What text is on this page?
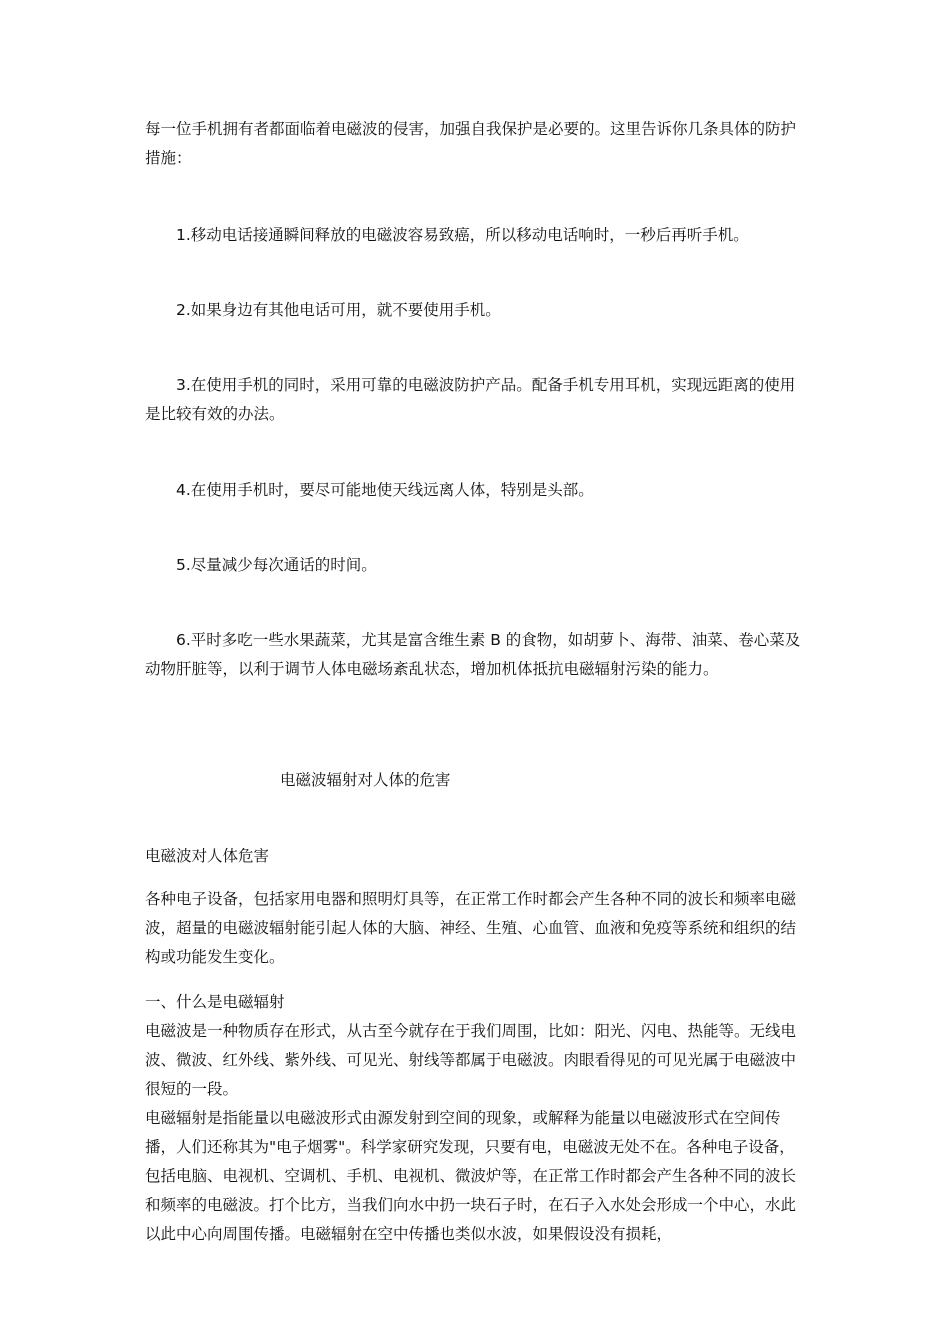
每一位手机拥有者都面临着电磁波的侵害，加强自我保护是必要的。这里告诉你几条具体的防护措施：

1.移动电话接通瞬间释放的电磁波容易致癌，所以移动电话响时，一秒后再听手机。

2.如果身边有其他电话可用，就不要使用手机。

3.在使用手机的同时，采用可靠的电磁波防护产品。配备手机专用耳机，实现远距离的使用是比较有效的办法。

4.在使用手机时，要尽可能地使天线远离人体，特别是头部。

5.尽量减少每次通话的时间。

6.平时多吃一些水果蔬菜，尤其是富含维生素 B 的食物，如胡萝卜、海带、油菜、卷心菜及动物肝脏等，以利于调节人体电磁场紊乱状态，增加机体抵抗电磁辐射污染的能力。

电磁波辐射对人体的危害

电磁波对人体危害

各种电子设备，包括家用电器和照明灯具等，在正常工作时都会产生各种不同的波长和频率电磁波，超量的电磁波辐射能引起人体的大脑、神经、生殖、心血管、血液和免疫等系统和组织的结构或功能发生变化。

一、什么是电磁辐射

电磁波是一种物质存在形式，从古至今就存在于我们周围，比如：阳光、闪电、热能等。无线电波、微波、红外线、紫外线、可见光、射线等都属于电磁波。肉眼看得见的可见光属于电磁波中很短的一段。

电磁辐射是指能量以电磁波形式由源发射到空间的现象，或解释为能量以电磁波形式在空间传播，人们还称其为"电子烟雾"。科学家研究发现，只要有电，电磁波无处不在。各种电子设备，包括电脑、电视机、空调机、手机、电视机、微波炉等，在正常工作时都会产生各种不同的波长和频率的电磁波。打个比方，当我们向水中扔一块石子时，在石子入水处会形成一个中心，水此以此中心向周围传播。电磁辐射在空中传播也类似水波，如果假设没有损耗，
